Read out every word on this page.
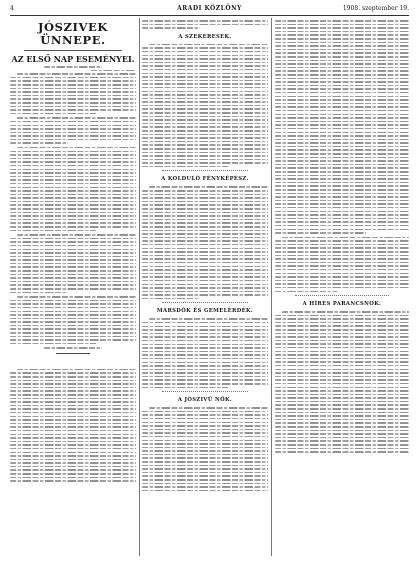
4	ARADI KÖZLÖNY	1908. szeptember 19.
JÓSZIVEK ÜNNEPE.
AZ ELSŐ NAP ESEMÉNYEI.
A SZEKERESEK.
A KOLDULÓ FÉNYKÉPÉSZ.
MÁRSDÓK ÉS GEMELÉRDÉK.
A JÓSZIVŰ NŐK.
A HÍRES PARANCSNOK.
